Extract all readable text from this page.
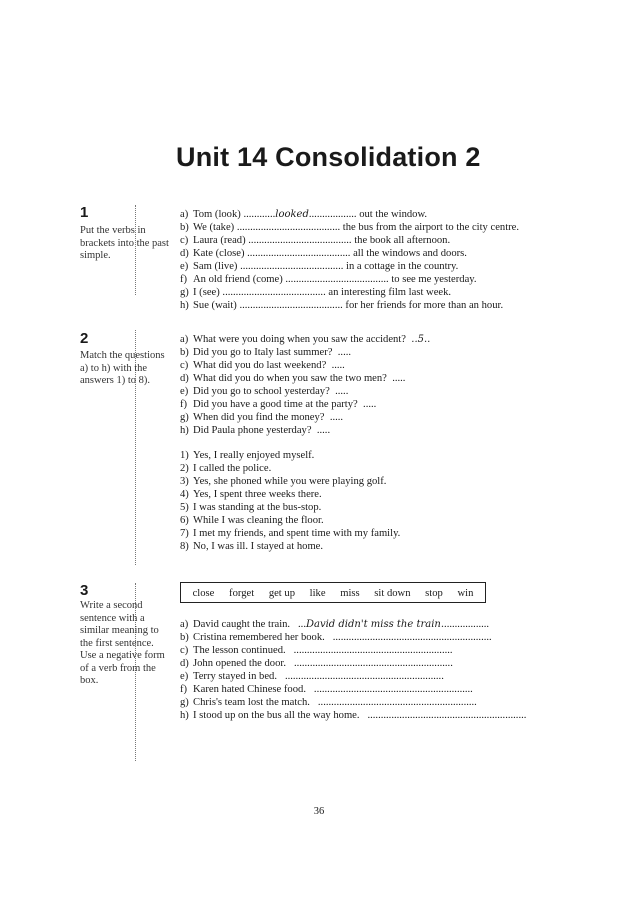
Unit 14 Consolidation 2
1
Put the verbs in brackets into the past simple.
a) Tom (look) ............looked.................. out the window.
b) We (take) ....................................... the bus from the airport to the city centre.
c) Laura (read) ....................................... the book all afternoon.
d) Kate (close) ....................................... all the windows and doors.
e) Sam (live) ....................................... in a cottage in the country.
f) An old friend (come) ....................................... to see me yesterday.
g) I (see) ....................................... an interesting film last week.
h) Sue (wait) ....................................... for her friends for more than an hour.
2
Match the questions a) to h) with the answers 1) to 8).
a) What were you doing when you saw the accident? ..5..
b) Did you go to Italy last summer? .....
c) What did you do last weekend? .....
d) What did you do when you saw the two men? .....
e) Did you go to school yesterday? .....
f) Did you have a good time at the party? .....
g) When did you find the money? .....
h) Did Paula phone yesterday? .....
1) Yes, I really enjoyed myself.
2) I called the police.
3) Yes, she phoned while you were playing golf.
4) Yes, I spent three weeks there.
5) I was standing at the bus-stop.
6) While I was cleaning the floor.
7) I met my friends, and spent time with my family.
8) No, I was ill. I stayed at home.
3
Write a second sentence with a similar meaning to the first sentence. Use a negative form of a verb from the box.
close forget get up like miss sit down stop win
a) David caught the train. ...David didn't miss the train..................
b) Cristina remembered her book. ............................................................
c) The lesson continued. ............................................................
d) John opened the door. ............................................................
e) Terry stayed in bed. ............................................................
f) Karen hated Chinese food. ............................................................
g) Chris's team lost the match. ............................................................
h) I stood up on the bus all the way home. ............................................................
36
